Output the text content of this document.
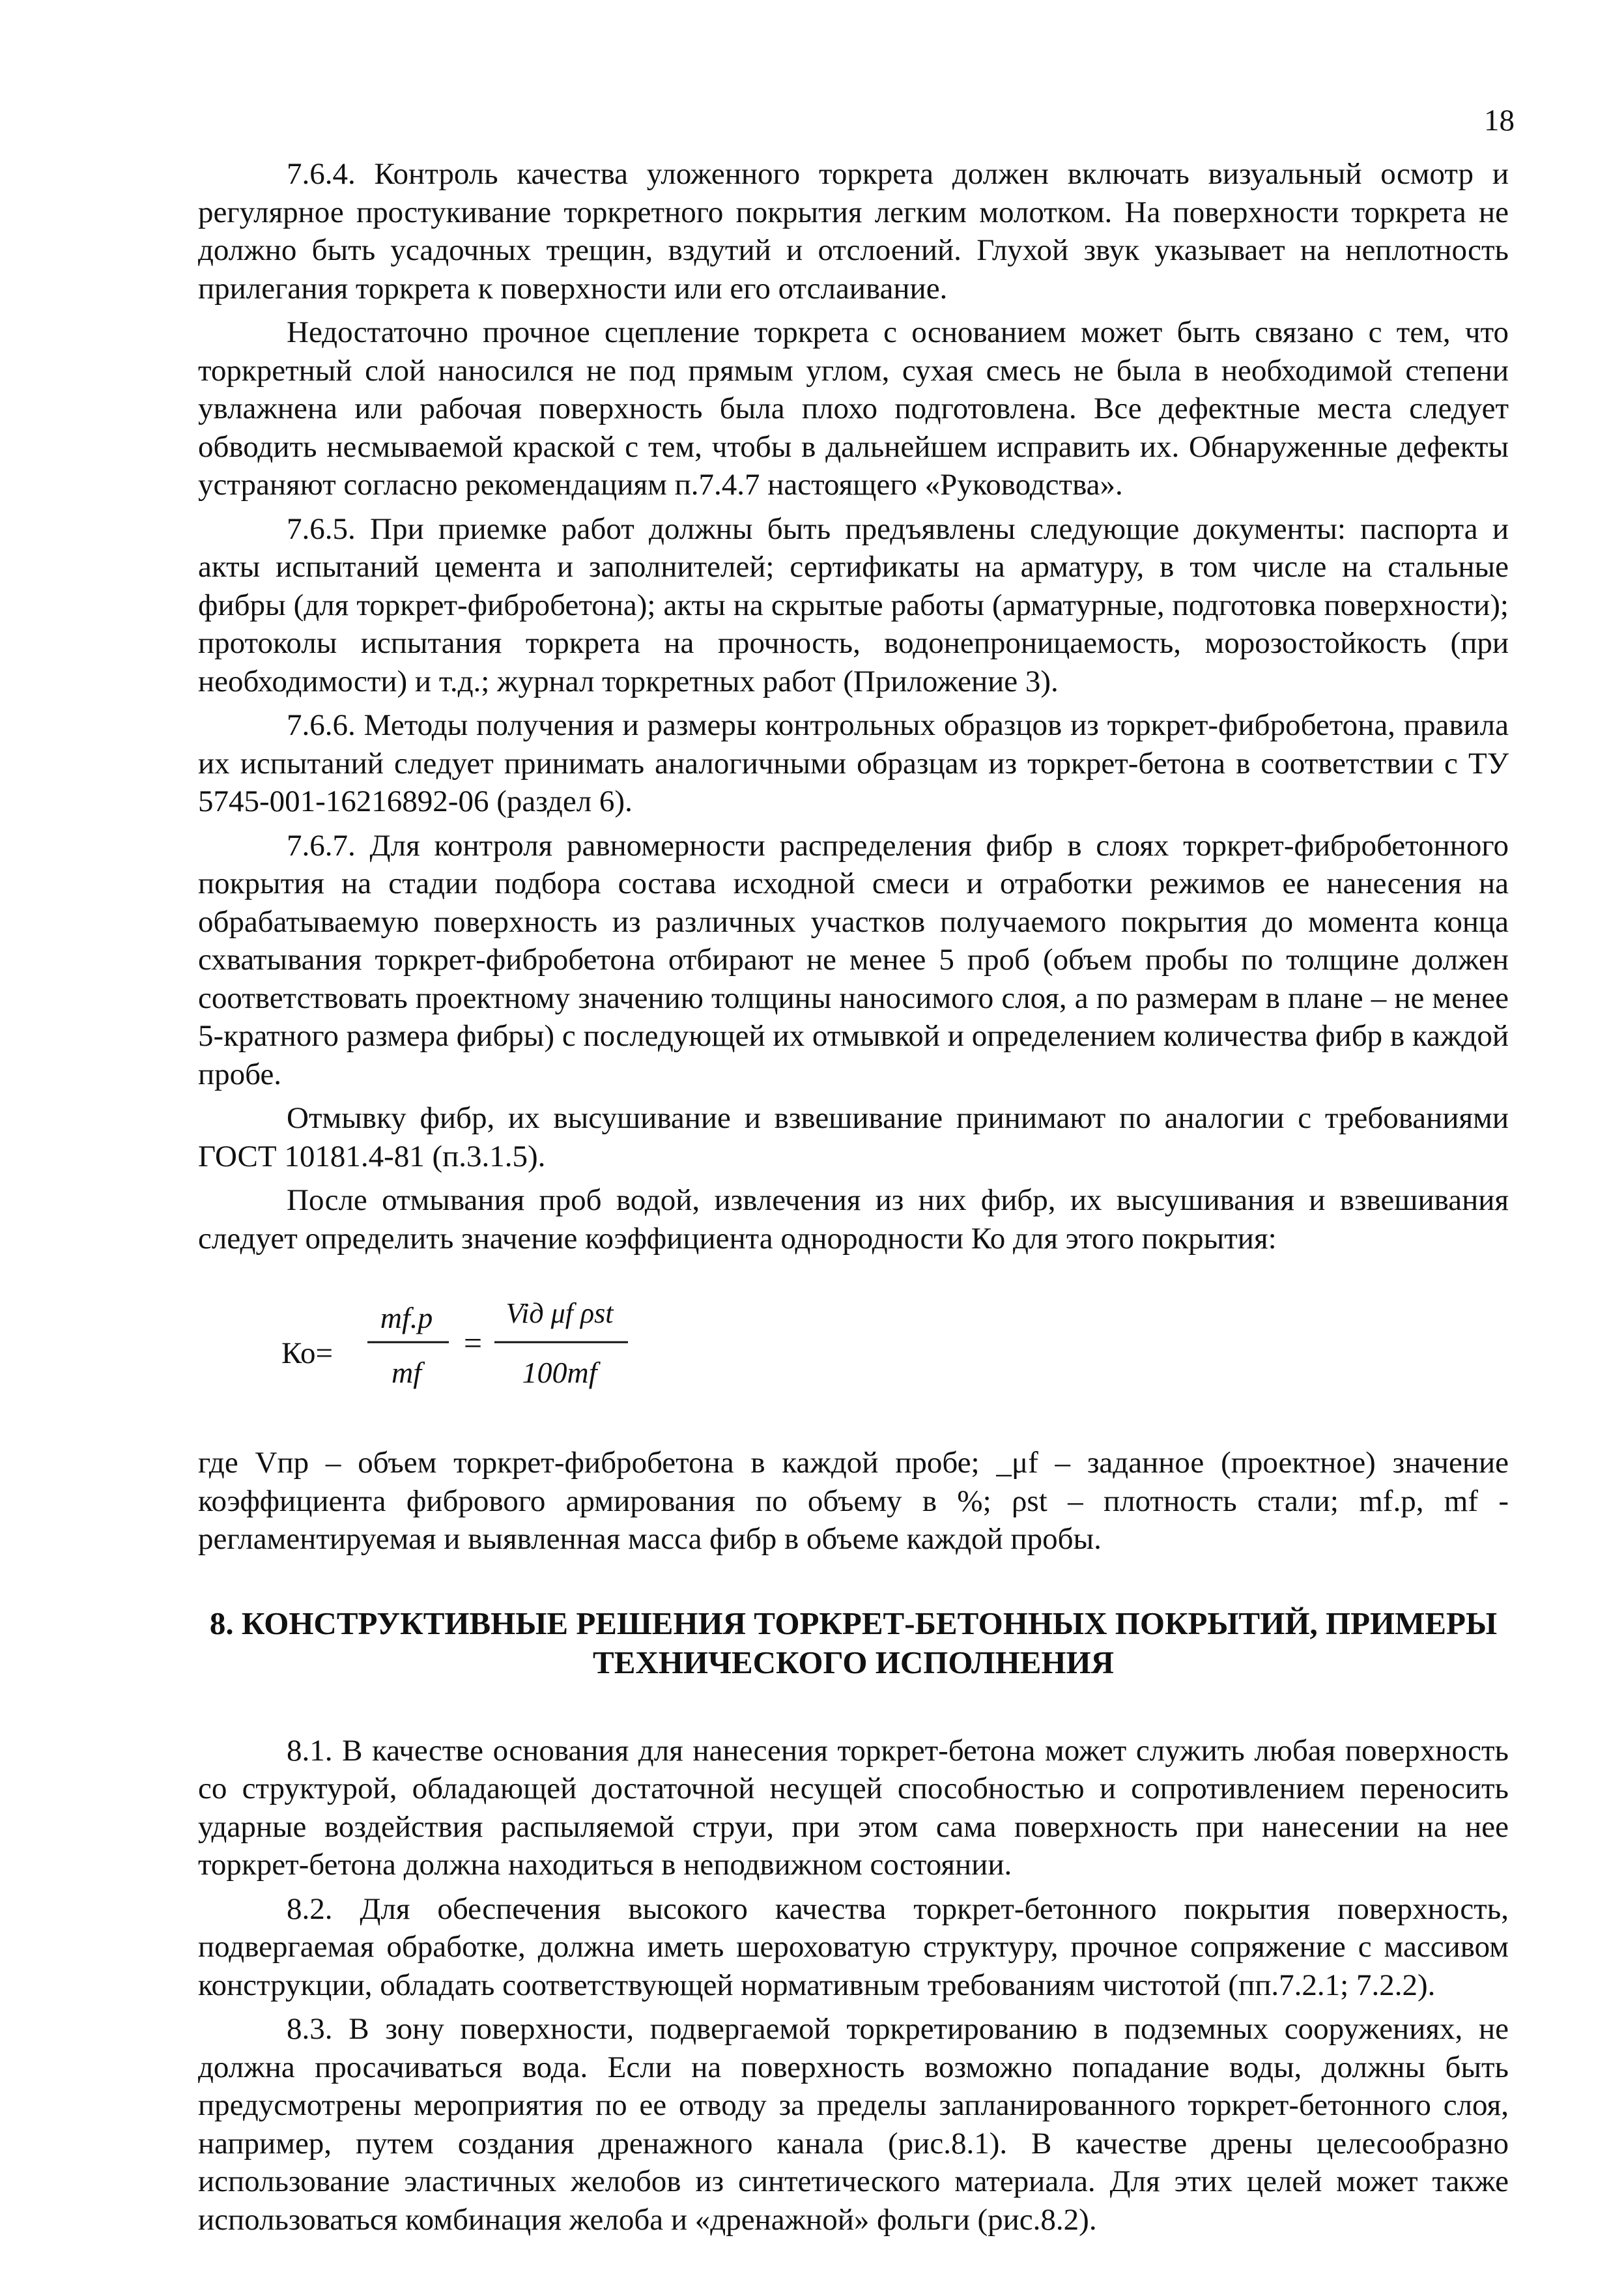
18

7.6.4. Контроль качества уложенного торкрета должен включать визуальный осмотр и регулярное простукивание торкретного покрытия легким молотком. На поверхности торкрета не должно быть усадочных трещин, вздутий и отслоений. Глухой звук указывает на неплотность прилегания торкрета к поверхности или его отслаивание.

Недостаточно прочное сцепление торкрета с основанием может быть связано с тем, что торкретный слой наносился не под прямым углом, сухая смесь не была в необходимой степени увлажнена или рабочая поверхность была плохо подготовлена. Все дефектные места следует обводить несмываемой краской с тем, чтобы в дальнейшем исправить их. Обнаруженные дефекты устраняют согласно рекомендациям п.7.4.7 настоящего «Руководства».

7.6.5. При приемке работ должны быть предъявлены следующие документы: паспорта и акты испытаний цемента и заполнителей; сертификаты на арматуру, в том числе на стальные фибры (для торкрет-фибробетона); акты на скрытые работы (арматурные, подготовка поверхности); протоколы испытания торкрета на прочность, водонепроницаемость, морозостойкость (при необходимости) и т.д.; журнал торкретных работ (Приложение 3).

7.6.6. Методы получения и размеры контрольных образцов из торкрет-фибробетона, правила их испытаний следует принимать аналогичными образцам из торкрет-бетона в соответствии с ТУ 5745-001-16216892-06 (раздел 6).

7.6.7. Для контроля равномерности распределения фибр в слоях торкрет-фибробетонного покрытия на стадии подбора состава исходной смеси и отработки режимов ее нанесения на обрабатываемую поверхность из различных участков получаемого покрытия до момента конца схватывания торкрет-фибробетона отбирают не менее 5 проб (объем пробы по толщине должен соответствовать проектному значению толщины наносимого слоя, а по размерам в плане – не менее 5-кратного размера фибры) с последующей их отмывкой и определением количества фибр в каждой пробе.

Отмывку фибр, их высушивание и взвешивание принимают по аналогии с требованиями ГОСТ 10181.4-81 (п.3.1.5).

После отмывания проб водой, извлечения из них фибр, их высушивания и взвешивания следует определить значение коэффициента однородности Ко для этого покрытия:

Ко=
mf.p
mf
=
Viд μf ρst
100mf

где Vпр – объем торкрет-фибробетона в каждой пробе; _μf – заданное (проектное) значение коэффициента фибрового армирования по объему в %; ρst – плотность стали; mf.p, mf - регламентируемая и выявленная масса фибр в объеме каждой пробы.

8. КОНСТРУКТИВНЫЕ РЕШЕНИЯ ТОРКРЕТ-БЕТОННЫХ ПОКРЫТИЙ, ПРИМЕРЫ
ТЕХНИЧЕСКОГО ИСПОЛНЕНИЯ

8.1. В качестве основания для нанесения торкрет-бетона может служить любая поверхность со структурой, обладающей достаточной несущей способностью и сопротивлением переносить ударные воздействия распыляемой струи, при этом сама поверхность при нанесении на нее торкрет-бетона должна находиться в неподвижном состоянии.

8.2. Для обеспечения высокого качества торкрет-бетонного покрытия поверхность, подвергаемая обработке, должна иметь шероховатую структуру, прочное сопряжение с массивом конструкции, обладать соответствующей нормативным требованиям чистотой (пп.7.2.1; 7.2.2).

8.3. В зону поверхности, подвергаемой торкретированию в подземных сооружениях, не должна просачиваться вода. Если на поверхность возможно попадание воды, должны быть предусмотрены мероприятия по ее отводу за пределы запланированного торкрет-бетонного слоя, например, путем создания дренажного канала (рис.8.1). В качестве дрены целесообразно использование эластичных желобов из синтетического материала. Для этих целей может также использоваться комбинация желоба и «дренажной» фольги (рис.8.2).
